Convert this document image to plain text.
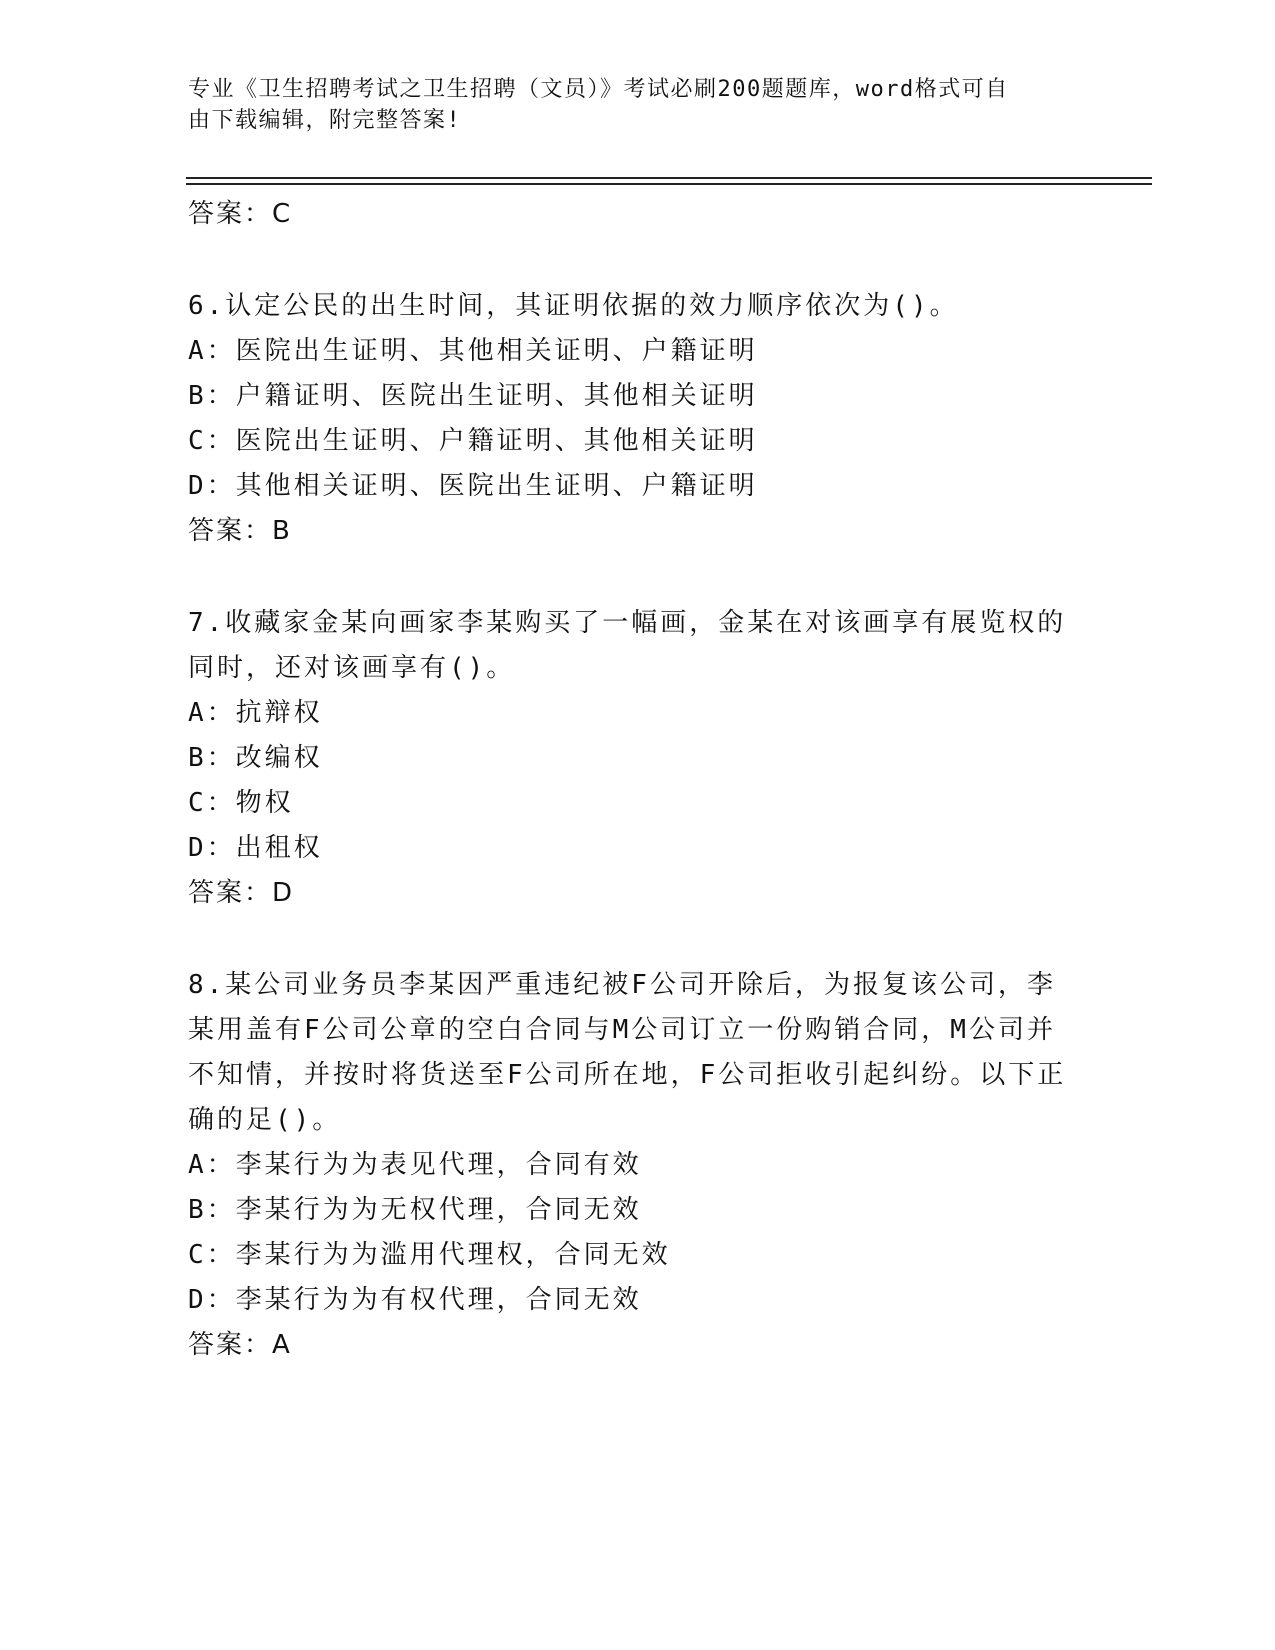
专业《卫生招聘考试之卫生招聘（文员）》考试必刷200题题库，word格式可自
由下载编辑，附完整答案!
答案：C
6.认定公民的出生时间，其证明依据的效力顺序依次为()。
A：医院出生证明、其他相关证明、户籍证明
B：户籍证明、医院出生证明、其他相关证明
C：医院出生证明、户籍证明、其他相关证明
D：其他相关证明、医院出生证明、户籍证明
答案：B
7.收藏家金某向画家李某购买了一幅画，金某在对该画享有展览权的
同时，还对该画享有()。
A：抗辩权
B：改编权
C：物权
D：出租权
答案：D
8.某公司业务员李某因严重违纪被F公司开除后，为报复该公司，李
某用盖有F公司公章的空白合同与M公司订立一份购销合同，M公司并
不知情，并按时将货送至F公司所在地，F公司拒收引起纠纷。以下正
确的足()。
A：李某行为为表见代理，合同有效
B：李某行为为无权代理，合同无效
C：李某行为为滥用代理权，合同无效
D：李某行为为有权代理，合同无效
答案：A
